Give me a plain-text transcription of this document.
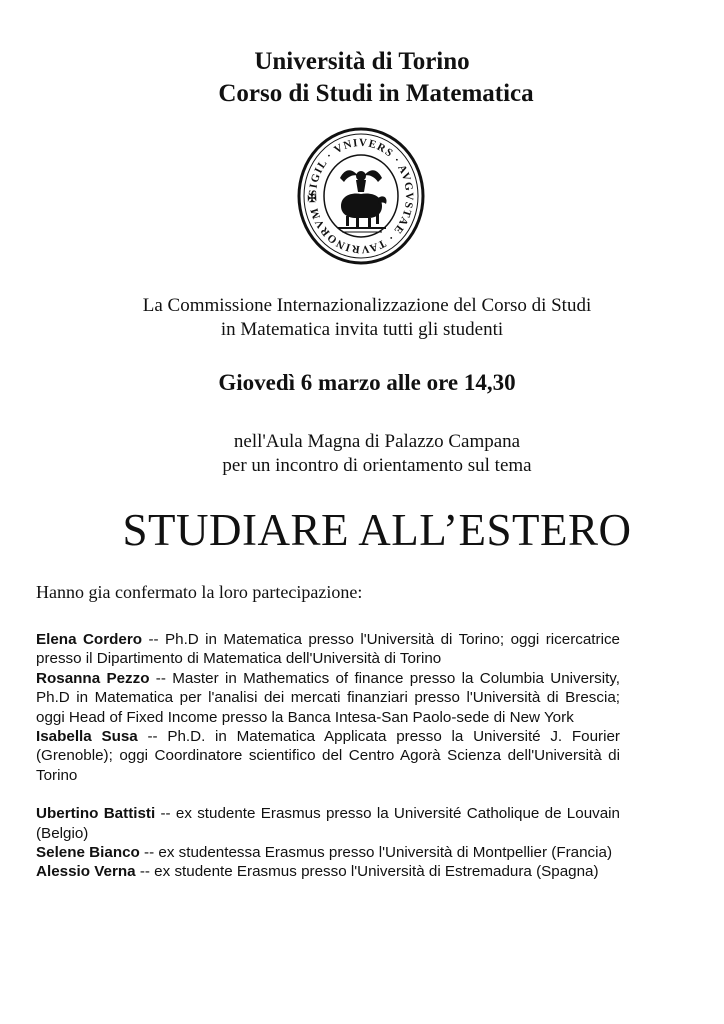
Università di Torino
Corso di Studi in Matematica
SIGIL · VNIVERS · AVGVSTAE · TAVRINORVM ✠
La Commissione Internazionalizzazione del Corso di Studi
in Matematica invita tutti gli studenti
Giovedì 6 marzo alle ore 14,30
nell'Aula Magna di Palazzo Campana
per un incontro di orientamento sul tema
STUDIARE ALL’ESTERO
Hanno gia confermato la loro partecipazione:

Elena Cordero -- Ph.D in Matematica presso l'Università di Torino; oggi ricercatrice presso il Dipartimento di Matematica dell'Università di Torino

Rosanna Pezzo -- Master in Mathematics of finance presso la Columbia University, Ph.D in Matematica per l'analisi dei mercati finanziari presso l'Università di Brescia; oggi Head of Fixed Income presso la Banca Intesa-San Paolo-sede di New York

Isabella Susa -- Ph.D. in Matematica Applicata presso la Université J. Fourier (Grenoble); oggi Coordinatore scientifico del Centro Agorà Scienza dell'Università di Torino

Ubertino Battisti -- ex studente Erasmus presso la Université Catholique de Louvain (Belgio)

Selene Bianco -- ex studentessa Erasmus presso l'Università di Montpellier (Francia)

Alessio Verna -- ex studente Erasmus presso l'Università di Estremadura (Spagna)
